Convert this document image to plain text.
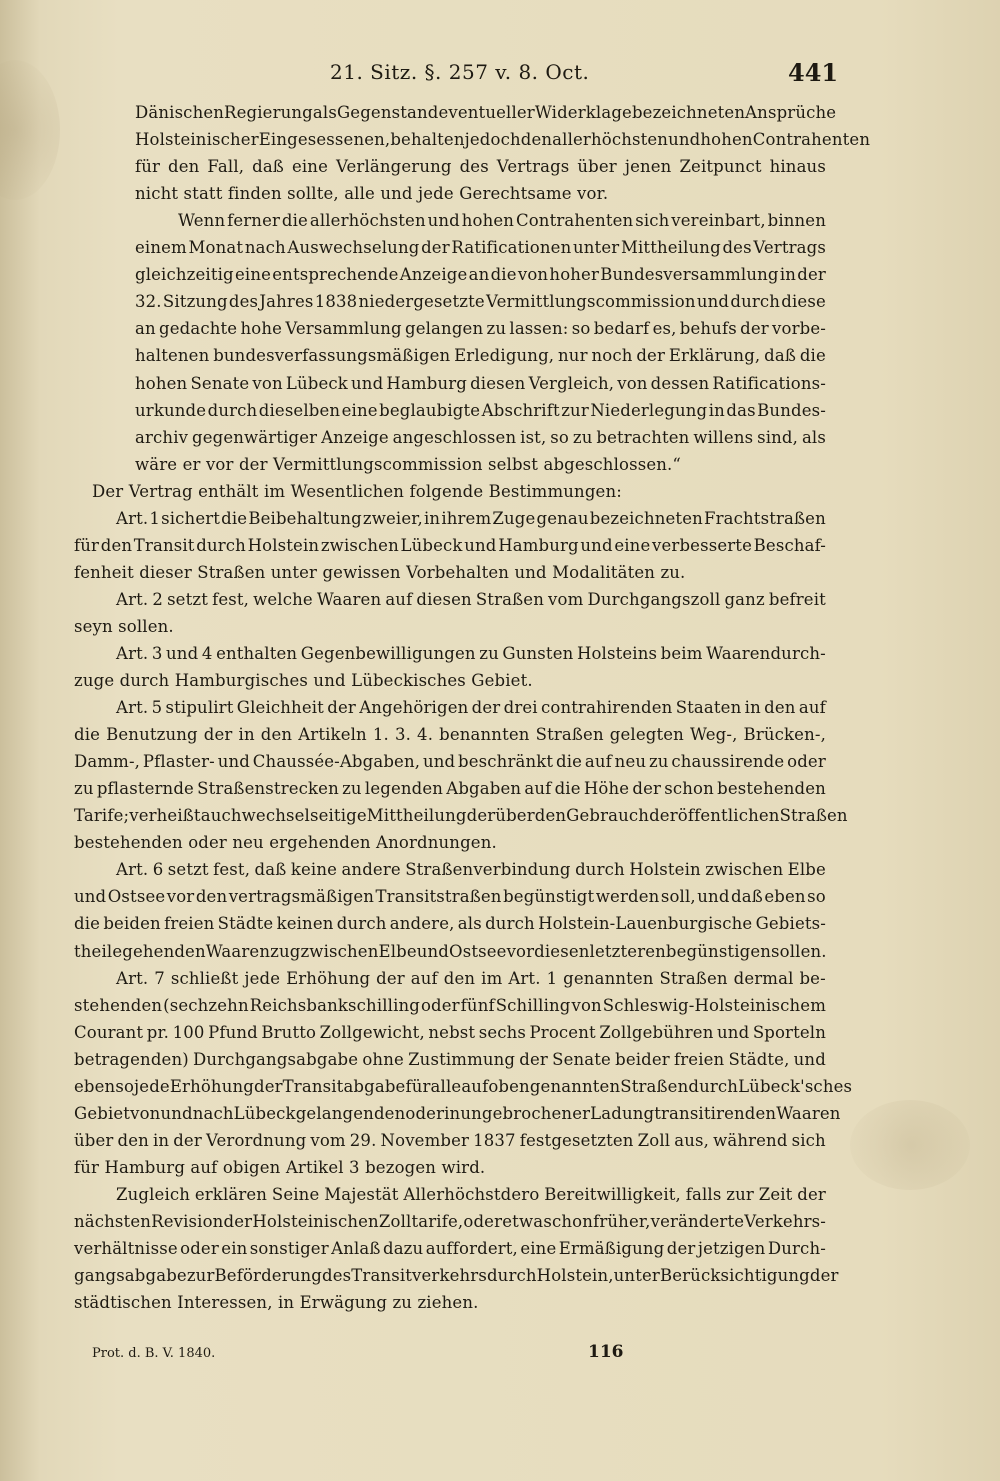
21. Sitz. §. 257 v. 8. Oct.	441
Dänischen Regierung als Gegenstand eventueller Widerklage bezeichneten Ansprüche
Holsteinischer Eingesessenen, behalten jedoch den allerhöchsten und hohen Contrahenten
für den Fall, daß eine Verlängerung des Vertrags über jenen Zeitpunct hinaus
nicht statt finden sollte, alle und jede Gerechtsame vor.
Wenn ferner die allerhöchsten und hohen Contrahenten sich vereinbart, binnen
einem Monat nach Auswechselung der Ratificationen unter Mittheilung des Vertrags
gleichzeitig eine entsprechende Anzeige an die von hoher Bundesversammlung in der
32. Sitzung des Jahres 1838 niedergesetzte Vermittlungscommission und durch diese
an gedachte hohe Versammlung gelangen zu lassen: so bedarf es, behufs der vorbe-
haltenen bundesverfassungsmäßigen Erledigung, nur noch der Erklärung, daß die
hohen Senate von Lübeck und Hamburg diesen Vergleich, von dessen Ratifications-
urkunde durch dieselben eine beglaubigte Abschrift zur Niederlegung in das Bundes-
archiv gegenwärtiger Anzeige angeschlossen ist, so zu betrachten willens sind, als
wäre er vor der Vermittlungscommission selbst abgeschlossen.“
Der Vertrag enthält im Wesentlichen folgende Bestimmungen:
Art. 1 sichert die Beibehaltung zweier, in ihrem Zuge genau bezeichneten Frachtstraßen
für den Transit durch Holstein zwischen Lübeck und Hamburg und eine verbesserte Beschaf-
fenheit dieser Straßen unter gewissen Vorbehalten und Modalitäten zu.
Art. 2 setzt fest, welche Waaren auf diesen Straßen vom Durchgangszoll ganz befreit
seyn sollen.
Art. 3 und 4 enthalten Gegenbewilligungen zu Gunsten Holsteins beim Waarendurch-
zuge durch Hamburgisches und Lübeckisches Gebiet.
Art. 5 stipulirt Gleichheit der Angehörigen der drei contrahirenden Staaten in den auf
die Benutzung der in den Artikeln 1. 3. 4. benannten Straßen gelegten Weg-, Brücken-,
Damm-, Pflaster- und Chaussée-Abgaben, und beschränkt die auf neu zu chaussirende oder
zu pflasternde Straßenstrecken zu legenden Abgaben auf die Höhe der schon bestehenden
Tarife; verheißt auch wechselseitige Mittheilung der über den Gebrauch der öffentlichen Straßen
bestehenden oder neu ergehenden Anordnungen.
Art. 6 setzt fest, daß keine andere Straßenverbindung durch Holstein zwischen Elbe
und Ostsee vor den vertragsmäßigen Transitstraßen begünstigt werden soll, und daß eben so
die beiden freien Städte keinen durch andere, als durch Holstein-Lauenburgische Gebiets-
theile gehenden Waarenzug zwischen Elbe und Ostsee vor diesen letzteren begünstigen sollen.
Art. 7 schließt jede Erhöhung der auf den im Art. 1 genannten Straßen dermal be-
stehenden (sechzehn Reichsbankschilling oder fünf Schilling von Schleswig-Holsteinischem
Courant pr. 100 Pfund Brutto Zollgewicht, nebst sechs Procent Zollgebühren und Sporteln
betragenden) Durchgangsabgabe ohne Zustimmung der Senate beider freien Städte, und
eben so jede Erhöhung der Transitabgabe für alle auf obengenannten Straßen durch Lübeck'sches
Gebiet von und nach Lübeck gelangenden oder in ungebrochener Ladung transitirenden Waaren
über den in der Verordnung vom 29. November 1837 festgesetzten Zoll aus, während sich
für Hamburg auf obigen Artikel 3 bezogen wird.
Zugleich erklären Seine Majestät Allerhöchstdero Bereitwilligkeit, falls zur Zeit der
nächsten Revision der Holsteinischen Zolltarife, oder etwa schon früher, veränderte Verkehrs-
verhältnisse oder ein sonstiger Anlaß dazu auffordert, eine Ermäßigung der jetzigen Durch-
gangsabgabe zur Beförderung des Transitverkehrs durch Holstein, unter Berücksichtigung der
städtischen Interessen, in Erwägung zu ziehen.
Prot. d. B. V. 1840.	116
